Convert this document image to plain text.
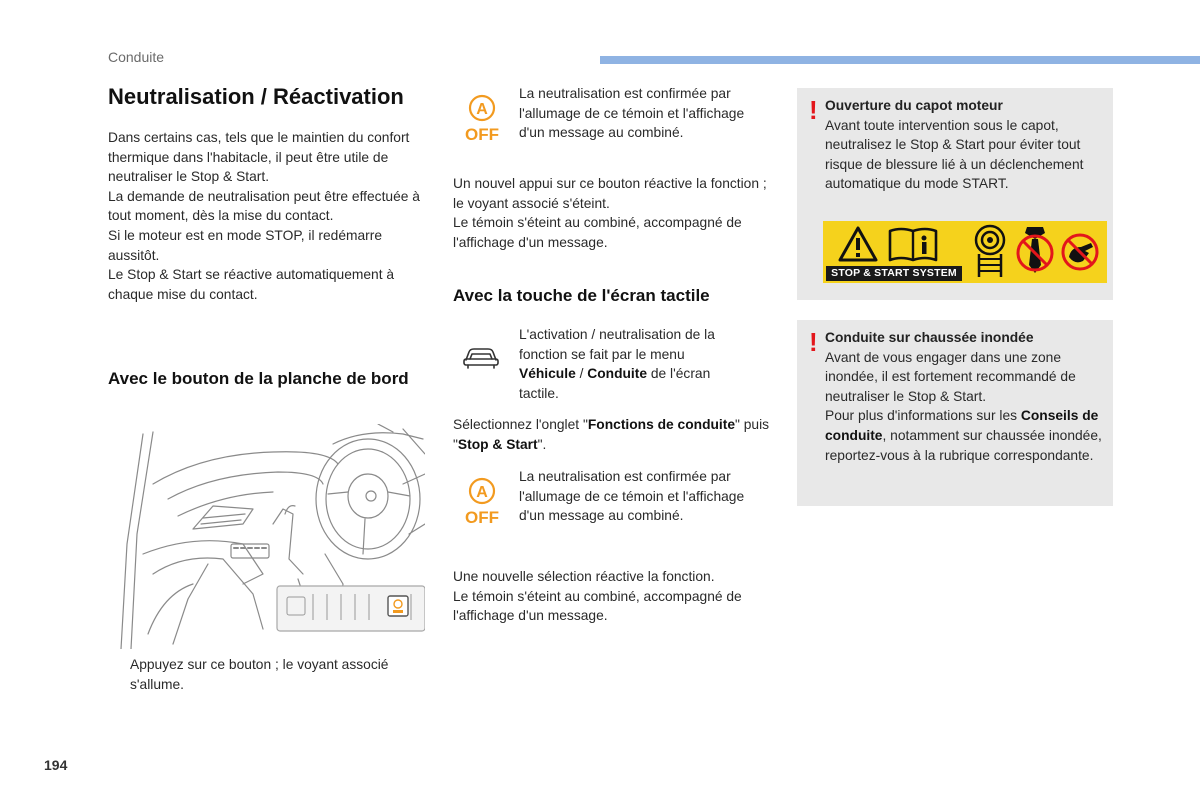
Conduite
Neutralisation / Réactivation

Dans certains cas, tels que le maintien du confort thermique dans l'habitacle, il peut être utile de neutraliser le Stop & Start.

La demande de neutralisation peut être effectuée à tout moment, dès la mise du contact.

Si le moteur est en mode STOP, il redémarre aussitôt.

Le Stop & Start se réactive automatiquement à chaque mise du contact.

Avec le bouton de la planche de bord
Appuyez sur ce bouton ; le voyant associé s'allume.
A
OFF
La neutralisation est confirmée par l'allumage de ce témoin et l'affichage d'un message au combiné.

Un nouvel appui sur ce bouton réactive la fonction ; le voyant associé s'éteint.

Le témoin s'éteint au combiné, accompagné de l'affichage d'un message.

Avec la touche de l'écran tactile
L'activation / neutralisation de la fonction se fait par le menu Véhicule / Conduite de l'écran tactile.
Sélectionnez l'onglet "Fonctions de conduite" puis "Stop & Start".
A
OFF
La neutralisation est confirmée par l'allumage de ce témoin et l'affichage d'un message au combiné.

Une nouvelle sélection réactive la fonction.

Le témoin s'éteint au combiné, accompagné de l'affichage d'un message.

! Ouverture du capot moteur
Avant toute intervention sous le capot, neutralisez le Stop & Start pour éviter tout risque de blessure lié à un déclenchement automatique du mode START.
STOP & START SYSTEM
! Conduite sur chaussée inondée
Avant de vous engager dans une zone inondée, il est fortement recommandé de neutraliser le Stop & Start.
Pour plus d'informations sur les Conseils de conduite, notamment sur chaussée inondée, reportez-vous à la rubrique correspondante.
194
